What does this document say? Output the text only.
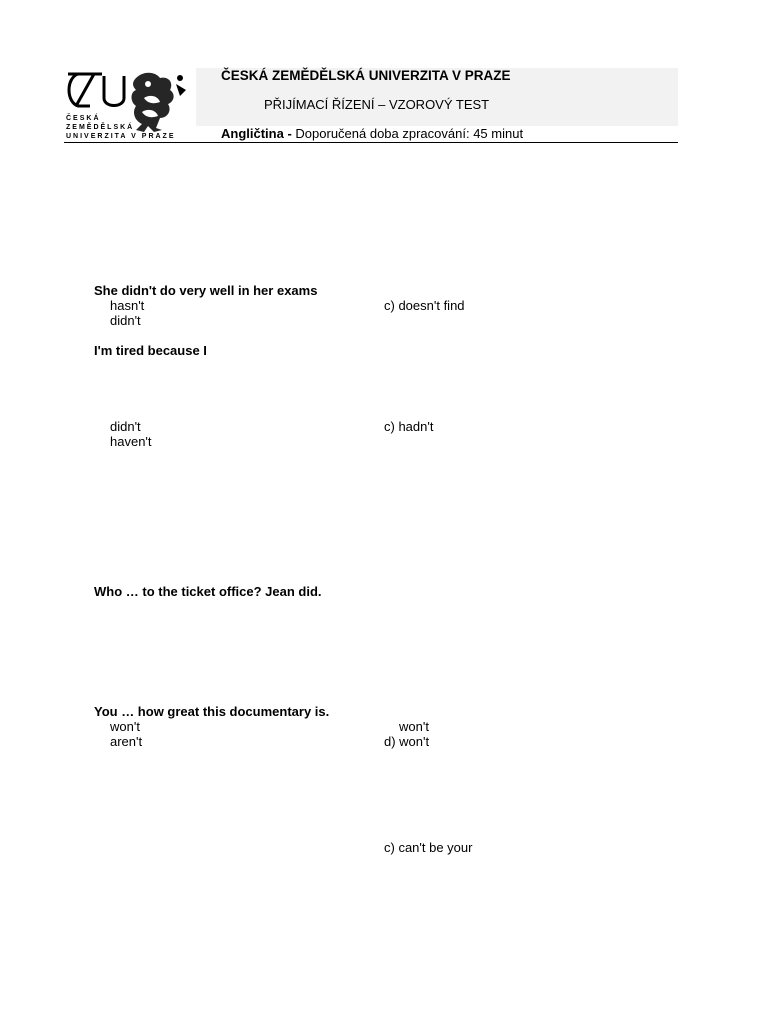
ČESKÁ
ZEMĚDĚLSKÁ
UNIVERZITA V PRAZE
ČESKÁ ZEMĚDĚLSKÁ UNIVERZITA V PRAZE
PŘIJÍMACÍ ŘÍZENÍ – VZOROVÝ TEST
Angličtina - Doporučená doba zpracování: 45 minut
She didn't do very well in her exams
hasn't
didn't
c) doesn't find
I'm tired because I
didn't
haven't
c) hadn't
Who … to the ticket office? Jean did.
You … how great this documentary is.
won't
aren't
won't
d) won't
c) can't be your
